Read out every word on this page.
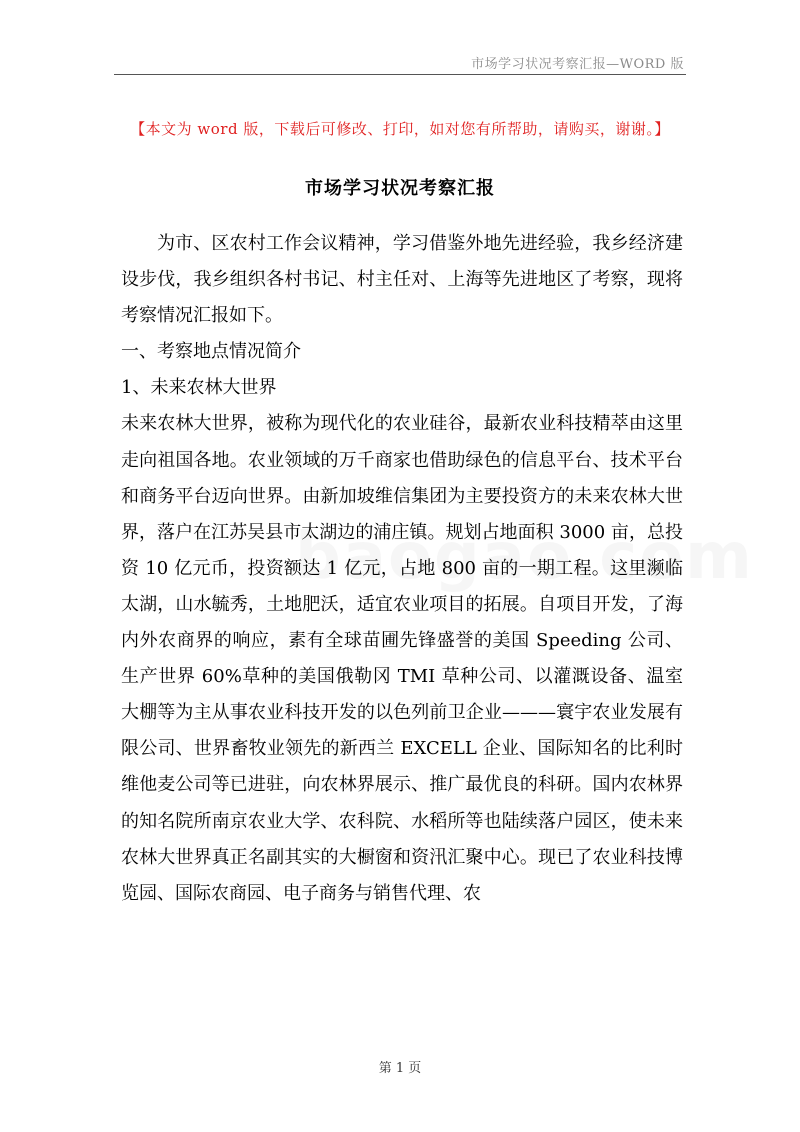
市场学习状况考察汇报—WORD 版
【本文为 word 版，下载后可修改、打印，如对您有所帮助，请购买，谢谢。】
市场学习状况考察汇报

为市、区农村工作会议精神，学习借鉴外地先进经验，我乡经济建设步伐，我乡组织各村书记、村主任对、上海等先进地区了考察，现将考察情况汇报如下。

一、考察地点情况简介

1、未来农林大世界

未来农林大世界，被称为现代化的农业硅谷，最新农业科技精萃由这里走向祖国各地。农业领域的万千商家也借助绿色的信息平台、技术平台和商务平台迈向世界。由新加坡维信集团为主要投资方的未来农林大世界，落户在江苏吴县市太湖边的浦庄镇。规划占地面积 3000 亩，总投资 10 亿元币，投资额达 1 亿元，占地 800 亩的一期工程。这里濒临太湖，山水毓秀，土地肥沃，适宜农业项目的拓展。自项目开发，了海内外农商界的响应，素有全球苗圃先锋盛誉的美国 Speeding 公司、生产世界 60%草种的美国俄勒冈 TMI 草种公司、以灌溉设备、温室大棚等为主从事农业科技开发的以色列前卫企业———寰宇农业发展有限公司、世界畜牧业领先的新西兰 EXCELL 企业、国际知名的比利时维他麦公司等已进驻，向农林界展示、推广最优良的科研。国内农林界的知名院所南京农业大学、农科院、水稻所等也陆续落户园区，使未来农林大世界真正名副其实的大橱窗和资汛汇聚中心。现已了农业科技博览园、国际农商园、电子商务与销售代理、农

第 1 页
